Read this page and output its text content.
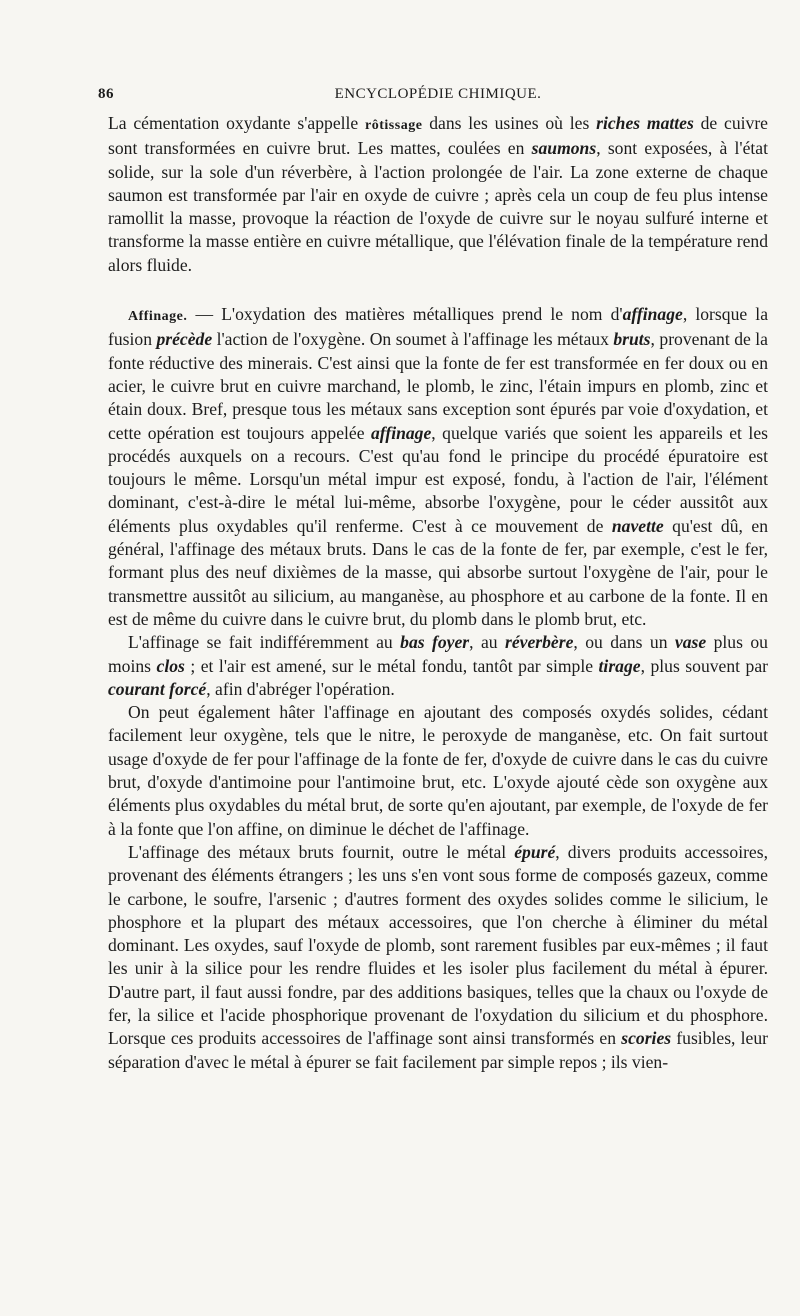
86	ENCYCLOPÉDIE CHIMIQUE.

La cémentation oxydante s'appelle rôtissage dans les usines où les riches mattes de cuivre sont transformées en cuivre brut. Les mattes, coulées en saumons, sont exposées, à l'état solide, sur la sole d'un réverbère, à l'action prolongée de l'air. La zone externe de chaque saumon est transformée par l'air en oxyde de cuivre ; après cela un coup de feu plus intense ramollit la masse, provoque la réaction de l'oxyde de cuivre sur le noyau sulfuré interne et transforme la masse entière en cuivre métallique, que l'élévation finale de la température rend alors fluide.

Affinage. — L'oxydation des matières métalliques prend le nom d'affinage, lorsque la fusion précède l'action de l'oxygène. On soumet à l'affinage les métaux bruts, provenant de la fonte réductive des minerais. C'est ainsi que la fonte de fer est transformée en fer doux ou en acier, le cuivre brut en cuivre marchand, le plomb, le zinc, l'étain impurs en plomb, zinc et étain doux. Bref, presque tous les métaux sans exception sont épurés par voie d'oxydation, et cette opération est toujours appelée affinage, quelque variés que soient les appareils et les procédés auxquels on a recours. C'est qu'au fond le principe du procédé épuratoire est toujours le même. Lorsqu'un métal impur est exposé, fondu, à l'action de l'air, l'élément dominant, c'est-à-dire le métal lui-même, absorbe l'oxygène, pour le céder aussitôt aux éléments plus oxydables qu'il renferme. C'est à ce mouvement de navette qu'est dû, en général, l'affinage des métaux bruts. Dans le cas de la fonte de fer, par exemple, c'est le fer, formant plus des neuf dixièmes de la masse, qui absorbe surtout l'oxygène de l'air, pour le transmettre aussitôt au silicium, au manganèse, au phosphore et au carbone de la fonte. Il en est de même du cuivre dans le cuivre brut, du plomb dans le plomb brut, etc.

L'affinage se fait indifféremment au bas foyer, au réverbère, ou dans un vase plus ou moins clos ; et l'air est amené, sur le métal fondu, tantôt par simple tirage, plus souvent par courant forcé, afin d'abréger l'opération.

On peut également hâter l'affinage en ajoutant des composés oxydés solides, cédant facilement leur oxygène, tels que le nitre, le peroxyde de manganèse, etc. On fait surtout usage d'oxyde de fer pour l'affinage de la fonte de fer, d'oxyde de cuivre dans le cas du cuivre brut, d'oxyde d'antimoine pour l'antimoine brut, etc. L'oxyde ajouté cède son oxygène aux éléments plus oxydables du métal brut, de sorte qu'en ajoutant, par exemple, de l'oxyde de fer à la fonte que l'on affine, on diminue le déchet de l'affinage.

L'affinage des métaux bruts fournit, outre le métal épuré, divers produits accessoires, provenant des éléments étrangers ; les uns s'en vont sous forme de composés gazeux, comme le carbone, le soufre, l'arsenic ; d'autres forment des oxydes solides comme le silicium, le phosphore et la plupart des métaux accessoires, que l'on cherche à éliminer du métal dominant. Les oxydes, sauf l'oxyde de plomb, sont rarement fusibles par eux-mêmes ; il faut les unir à la silice pour les rendre fluides et les isoler plus facilement du métal à épurer. D'autre part, il faut aussi fondre, par des additions basiques, telles que la chaux ou l'oxyde de fer, la silice et l'acide phosphorique provenant de l'oxydation du silicium et du phosphore. Lorsque ces produits accessoires de l'affinage sont ainsi transformés en scories fusibles, leur séparation d'avec le métal à épurer se fait facilement par simple repos ; ils vien-
